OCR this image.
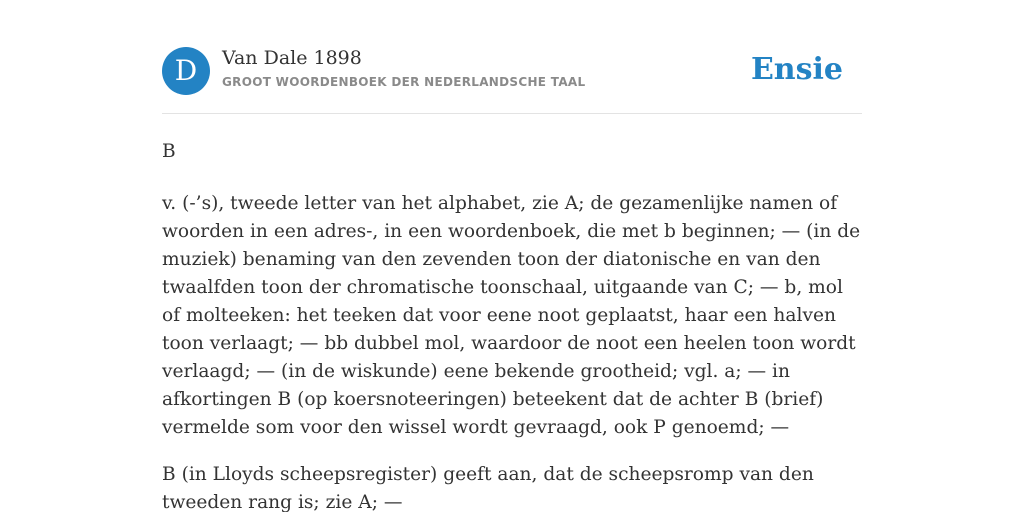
D	Van Dale 1898
GROOT WOORDENBOEK DER NEDERLANDSCHE TAAL	Ensie
B

v. (-’s), tweede letter van het alphabet, zie A; de gezamenlijke namen of woorden in een adres-, in een woordenboek, die met b beginnen; — (in de muziek) benaming van den zevenden toon der diatonische en van den twaalfden toon der chromatische toonschaal, uitgaande van C; — b, mol of molteeken: het teeken dat voor eene noot geplaatst, haar een halven toon verlaagt; — bb dubbel mol, waardoor de noot een heelen toon wordt verlaagd; — (in de wiskunde) eene bekende grootheid; vgl. a; — in afkortingen B (op koersnoteeringen) beteekent dat de achter B (brief) vermelde som voor den wissel wordt gevraagd, ook P genoemd; —

B (in Lloyds scheepsregister) geeft aan, dat de scheepsromp van den tweeden rang is; zie A; —
